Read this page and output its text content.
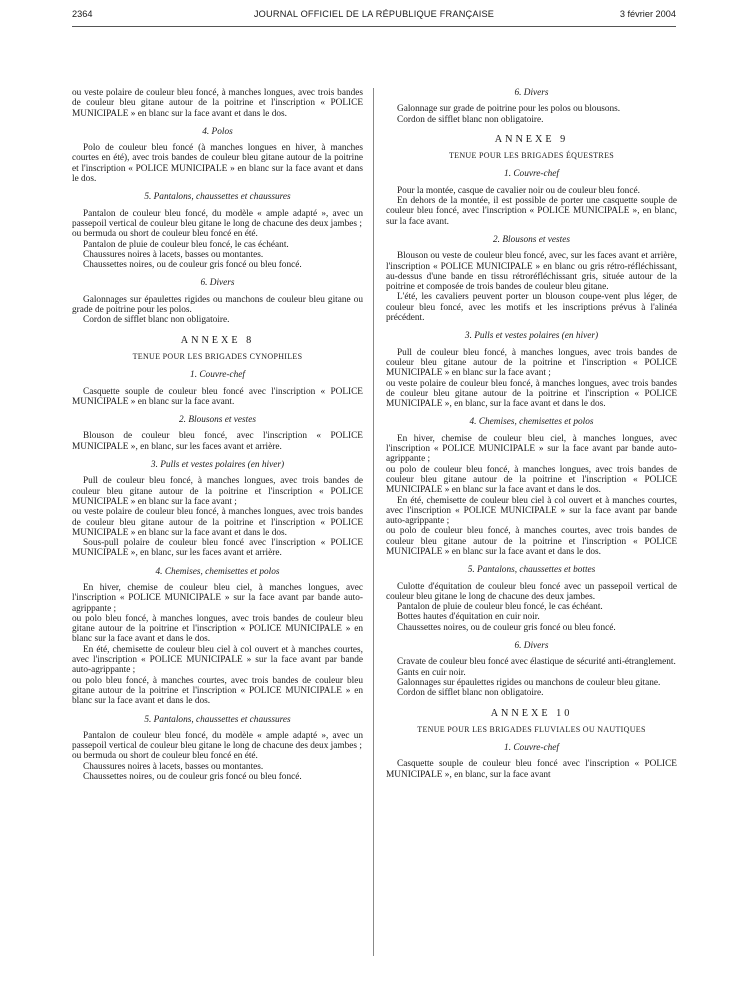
2364	JOURNAL OFFICIEL DE LA RÉPUBLIQUE FRANÇAISE	3 février 2004

ou veste polaire de couleur bleu foncé, à manches longues, avec trois bandes de couleur bleu gitane autour de la poitrine et l'inscription « POLICE MUNICIPALE » en blanc sur la face avant et dans le dos.

4. Polos

Polo de couleur bleu foncé (à manches longues en hiver, à manches courtes en été), avec trois bandes de couleur bleu gitane autour de la poitrine et l'inscription « POLICE MUNICIPALE » en blanc sur la face avant et dans le dos.

5. Pantalons, chaussettes et chaussures

Pantalon de couleur bleu foncé, du modèle « ample adapté », avec un passepoil vertical de couleur bleu gitane le long de chacune des deux jambes ;

ou bermuda ou short de couleur bleu foncé en été.

Pantalon de pluie de couleur bleu foncé, le cas échéant.

Chaussures noires à lacets, basses ou montantes.

Chaussettes noires, ou de couleur gris foncé ou bleu foncé.

6. Divers

Galonnages sur épaulettes rigides ou manchons de couleur bleu gitane ou grade de poitrine pour les polos.

Cordon de sifflet blanc non obligatoire.

ANNEXE 8
TENUE POUR LES BRIGADES CYNOPHILES
1. Couvre-chef

Casquette souple de couleur bleu foncé avec l'inscription « POLICE MUNICIPALE » en blanc sur la face avant.

2. Blousons et vestes

Blouson de couleur bleu foncé, avec l'inscription « POLICE MUNICIPALE », en blanc, sur les faces avant et arrière.

3. Pulls et vestes polaires (en hiver)

Pull de couleur bleu foncé, à manches longues, avec trois bandes de couleur bleu gitane autour de la poitrine et l'inscription « POLICE MUNICIPALE » en blanc sur la face avant ;

ou veste polaire de couleur bleu foncé, à manches longues, avec trois bandes de couleur bleu gitane autour de la poitrine et l'inscription « POLICE MUNICIPALE » en blanc sur la face avant et dans le dos.

Sous-pull polaire de couleur bleu foncé avec l'inscription « POLICE MUNICIPALE », en blanc, sur les faces avant et arrière.

4. Chemises, chemisettes et polos

En hiver, chemise de couleur bleu ciel, à manches longues, avec l'inscription « POLICE MUNICIPALE » sur la face avant par bande auto-agrippante ;

ou polo bleu foncé, à manches longues, avec trois bandes de couleur bleu gitane autour de la poitrine et l'inscription « POLICE MUNICIPALE » en blanc sur la face avant et dans le dos.

En été, chemisette de couleur bleu ciel à col ouvert et à manches courtes, avec l'inscription « POLICE MUNICIPALE » sur la face avant par bande auto-agrippante ;

ou polo bleu foncé, à manches courtes, avec trois bandes de couleur bleu gitane autour de la poitrine et l'inscription « POLICE MUNICIPALE » en blanc sur la face avant et dans le dos.

5. Pantalons, chaussettes et chaussures

Pantalon de couleur bleu foncé, du modèle « ample adapté », avec un passepoil vertical de couleur bleu gitane le long de chacune des deux jambes ;

ou bermuda ou short de couleur bleu foncé en été.

Chaussures noires à lacets, basses ou montantes.

Chaussettes noires, ou de couleur gris foncé ou bleu foncé.

6. Divers

Galonnage sur grade de poitrine pour les polos ou blousons.

Cordon de sifflet blanc non obligatoire.

ANNEXE 9
TENUE POUR LES BRIGADES ÉQUESTRES
1. Couvre-chef

Pour la montée, casque de cavalier noir ou de couleur bleu foncé.

En dehors de la montée, il est possible de porter une casquette souple de couleur bleu foncé, avec l'inscription « POLICE MUNICIPALE », en blanc, sur la face avant.

2. Blousons et vestes

Blouson ou veste de couleur bleu foncé, avec, sur les faces avant et arrière, l'inscription « POLICE MUNICIPALE » en blanc ou gris rétro-réfléchissant, au-dessus d'une bande en tissu rétroréfléchissant gris, située autour de la poitrine et composée de trois bandes de couleur bleu gitane.

L'été, les cavaliers peuvent porter un blouson coupe-vent plus léger, de couleur bleu foncé, avec les motifs et les inscriptions prévus à l'alinéa précédent.

3. Pulls et vestes polaires (en hiver)

Pull de couleur bleu foncé, à manches longues, avec trois bandes de couleur bleu gitane autour de la poitrine et l'inscription « POLICE MUNICIPALE » en blanc sur la face avant ;

ou veste polaire de couleur bleu foncé, à manches longues, avec trois bandes de couleur bleu gitane autour de la poitrine et l'inscription « POLICE MUNICIPALE », en blanc, sur la face avant et dans le dos.

4. Chemises, chemisettes et polos

En hiver, chemise de couleur bleu ciel, à manches longues, avec l'inscription « POLICE MUNICIPALE » sur la face avant par bande auto-agrippante ;

ou polo de couleur bleu foncé, à manches longues, avec trois bandes de couleur bleu gitane autour de la poitrine et l'inscription « POLICE MUNICIPALE » en blanc sur la face avant et dans le dos.

En été, chemisette de couleur bleu ciel à col ouvert et à manches courtes, avec l'inscription « POLICE MUNICIPALE » sur la face avant par bande auto-agrippante ;

ou polo de couleur bleu foncé, à manches courtes, avec trois bandes de couleur bleu gitane autour de la poitrine et l'inscription « POLICE MUNICIPALE » en blanc sur la face avant et dans le dos.

5. Pantalons, chaussettes et bottes

Culotte d'équitation de couleur bleu foncé avec un passepoil vertical de couleur bleu gitane le long de chacune des deux jambes.

Pantalon de pluie de couleur bleu foncé, le cas échéant.

Bottes hautes d'équitation en cuir noir.

Chaussettes noires, ou de couleur gris foncé ou bleu foncé.

6. Divers

Cravate de couleur bleu foncé avec élastique de sécurité anti-étranglement.

Gants en cuir noir.

Galonnages sur épaulettes rigides ou manchons de couleur bleu gitane.

Cordon de sifflet blanc non obligatoire.

ANNEXE 10
TENUE POUR LES BRIGADES FLUVIALES OU NAUTIQUES
1. Couvre-chef

Casquette souple de couleur bleu foncé avec l'inscription « POLICE MUNICIPALE », en blanc, sur la face avant
